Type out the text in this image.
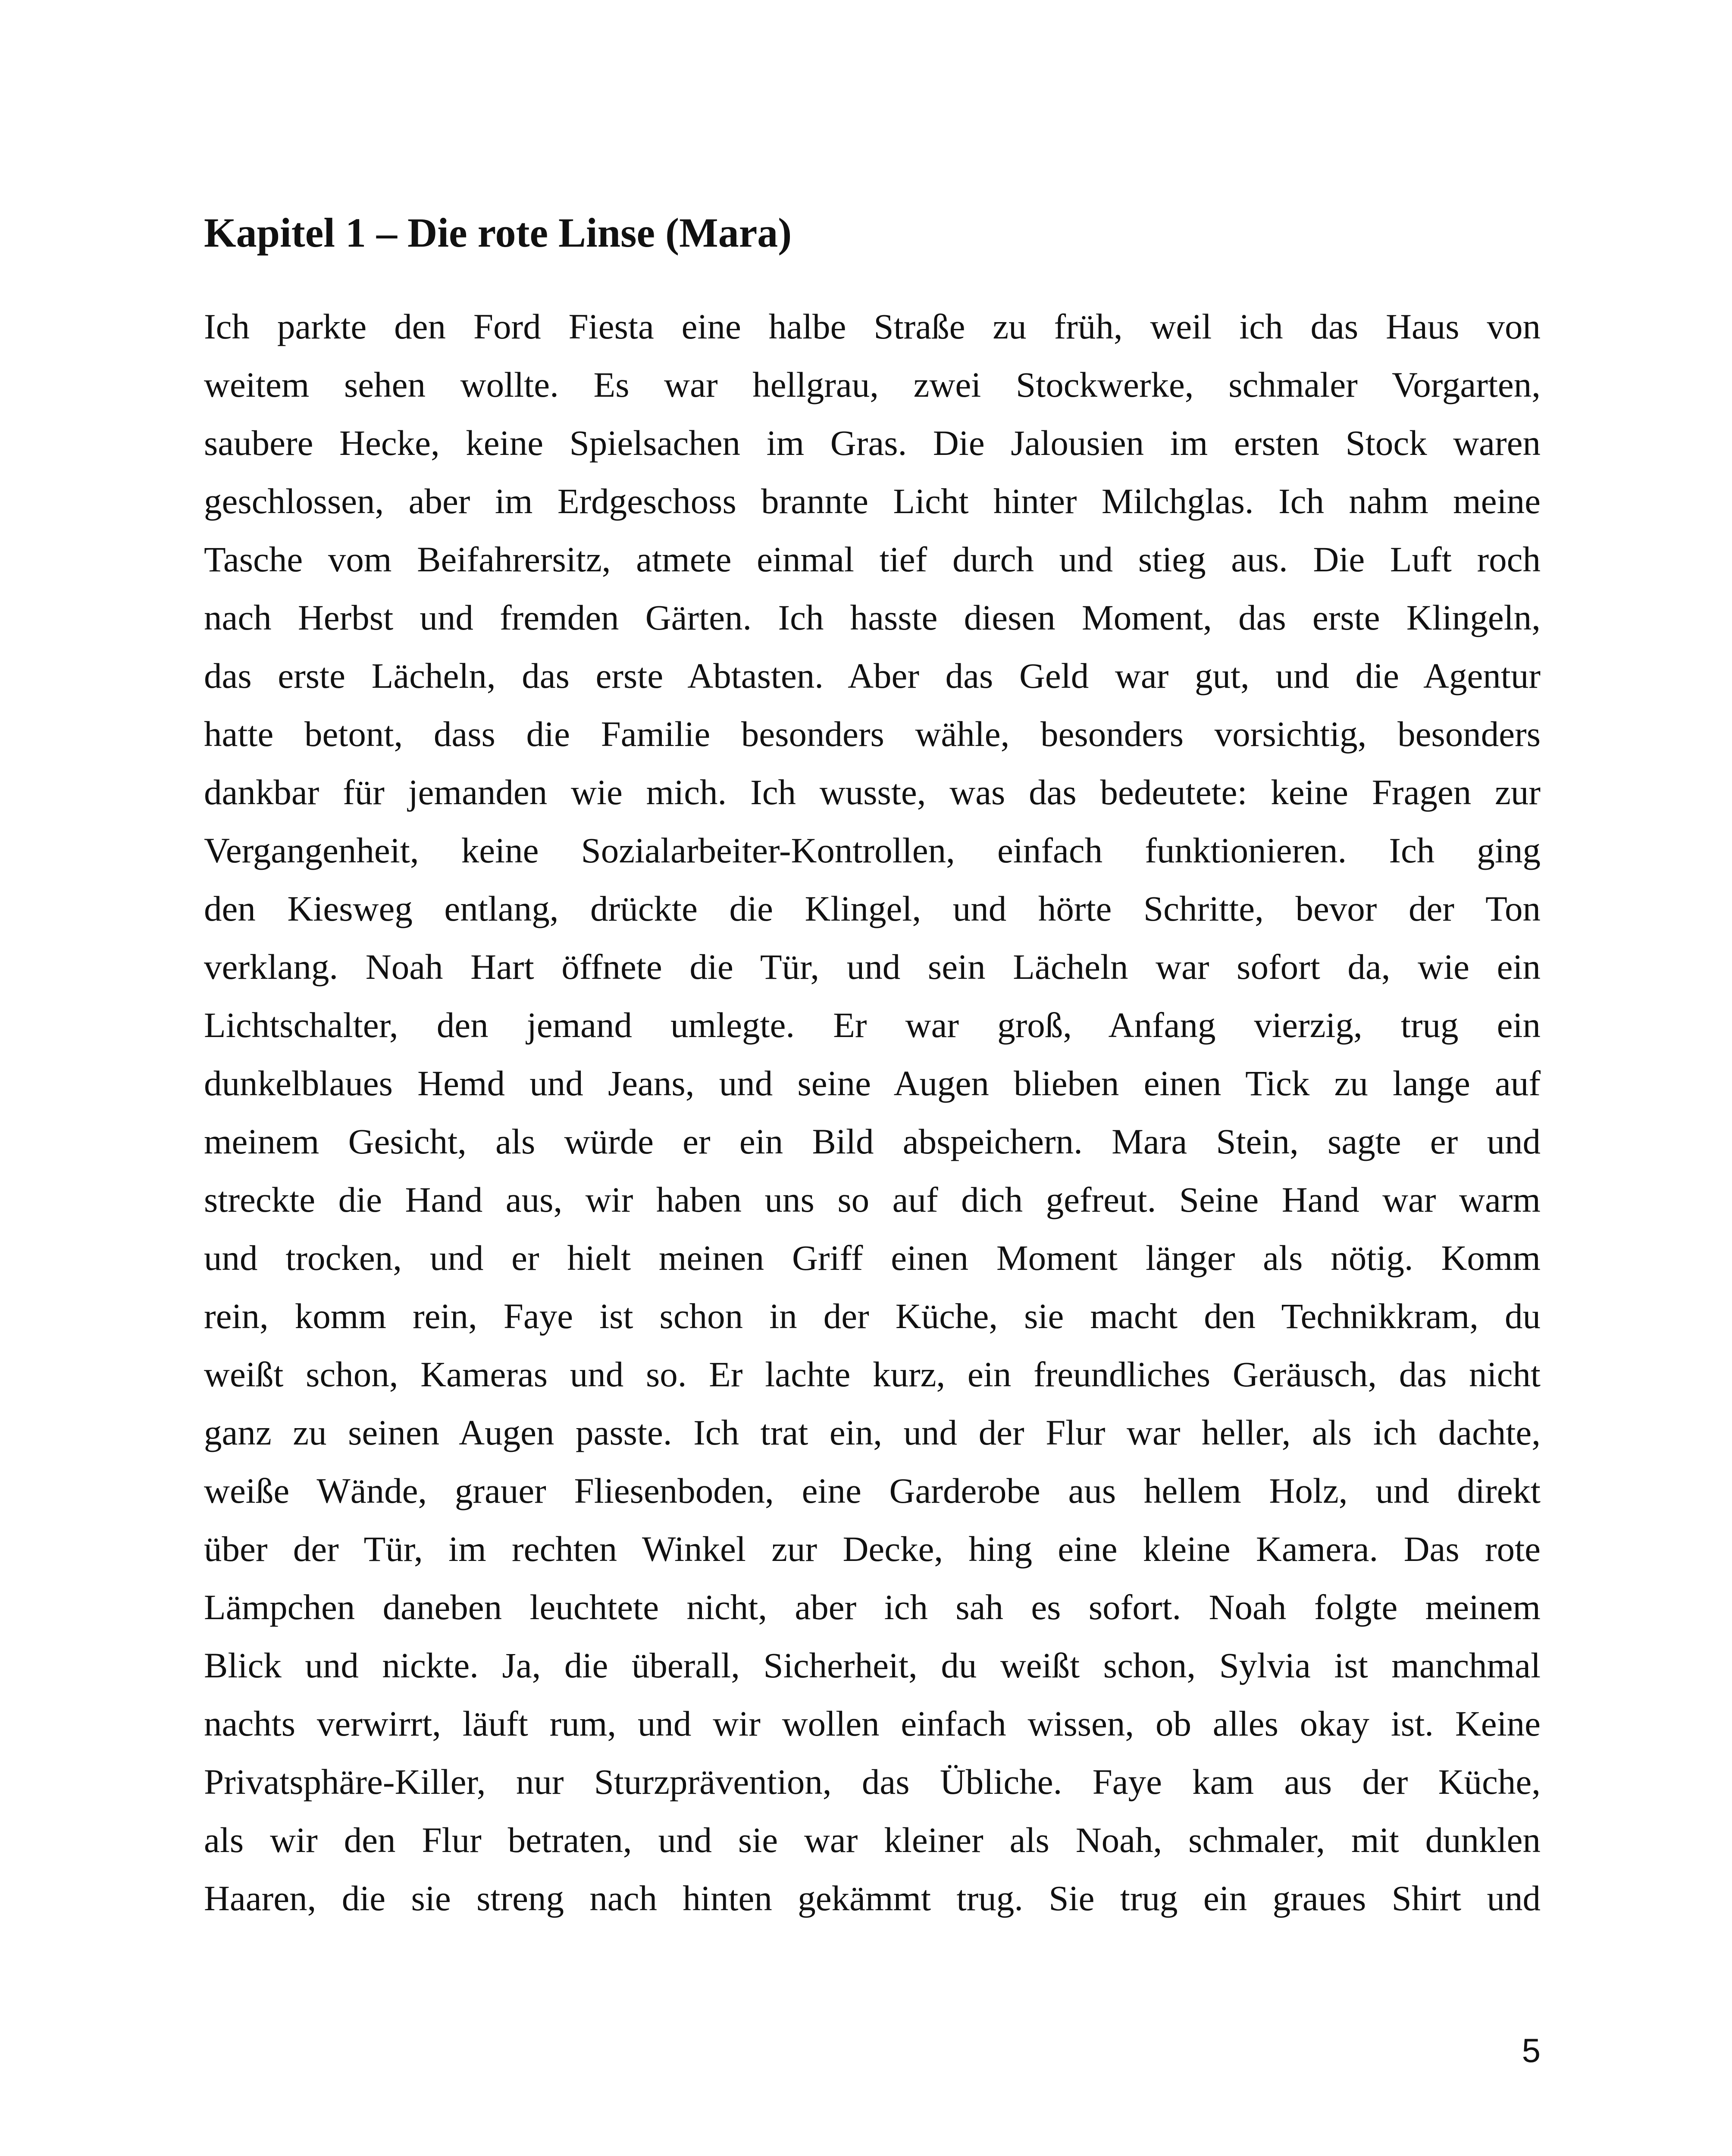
Kapitel 1 – Die rote Linse (Mara)
Ich parkte den Ford Fiesta eine halbe Straße zu früh, weil ich das Haus von
weitem sehen wollte. Es war hellgrau, zwei Stockwerke, schmaler Vorgarten,
saubere Hecke, keine Spielsachen im Gras. Die Jalousien im ersten Stock waren
geschlossen, aber im Erdgeschoss brannte Licht hinter Milchglas. Ich nahm meine
Tasche vom Beifahrersitz, atmete einmal tief durch und stieg aus. Die Luft roch
nach Herbst und fremden Gärten. Ich hasste diesen Moment, das erste Klingeln,
das erste Lächeln, das erste Abtasten. Aber das Geld war gut, und die Agentur
hatte betont, dass die Familie besonders wähle, besonders vorsichtig, besonders
dankbar für jemanden wie mich. Ich wusste, was das bedeutete: keine Fragen zur
Vergangenheit, keine Sozialarbeiter-Kontrollen, einfach funktionieren. Ich ging
den Kiesweg entlang, drückte die Klingel, und hörte Schritte, bevor der Ton
verklang. Noah Hart öffnete die Tür, und sein Lächeln war sofort da, wie ein
Lichtschalter, den jemand umlegte. Er war groß, Anfang vierzig, trug ein
dunkelblaues Hemd und Jeans, und seine Augen blieben einen Tick zu lange auf
meinem Gesicht, als würde er ein Bild abspeichern. Mara Stein, sagte er und
streckte die Hand aus, wir haben uns so auf dich gefreut. Seine Hand war warm
und trocken, und er hielt meinen Griff einen Moment länger als nötig. Komm
rein, komm rein, Faye ist schon in der Küche, sie macht den Technikkram, du
weißt schon, Kameras und so. Er lachte kurz, ein freundliches Geräusch, das nicht
ganz zu seinen Augen passte. Ich trat ein, und der Flur war heller, als ich dachte,
weiße Wände, grauer Fliesenboden, eine Garderobe aus hellem Holz, und direkt
über der Tür, im rechten Winkel zur Decke, hing eine kleine Kamera. Das rote
Lämpchen daneben leuchtete nicht, aber ich sah es sofort. Noah folgte meinem
Blick und nickte. Ja, die überall, Sicherheit, du weißt schon, Sylvia ist manchmal
nachts verwirrt, läuft rum, und wir wollen einfach wissen, ob alles okay ist. Keine
Privatsphäre-Killer, nur Sturzprävention, das Übliche. Faye kam aus der Küche,
als wir den Flur betraten, und sie war kleiner als Noah, schmaler, mit dunklen
Haaren, die sie streng nach hinten gekämmt trug. Sie trug ein graues Shirt und
5
